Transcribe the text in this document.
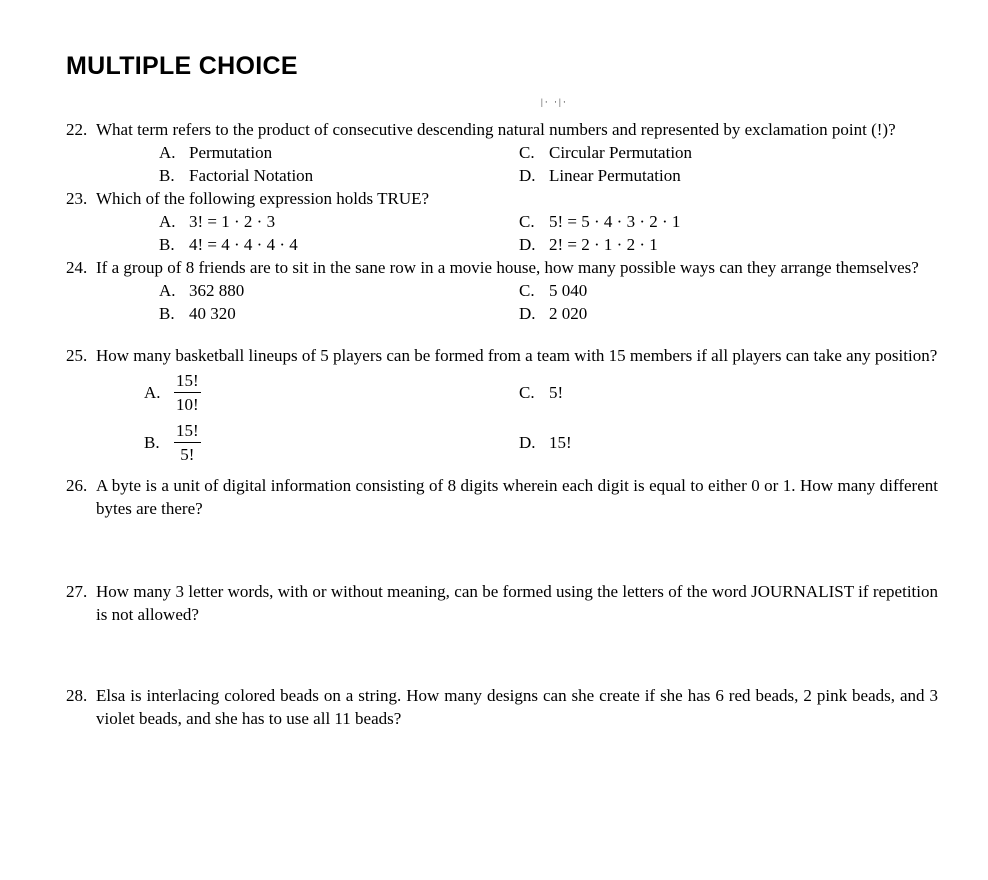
|· ·|·
MULTIPLE CHOICE
22. What term refers to the product of consecutive descending natural numbers and represented by exclamation point (!)?
A. Permutation
B. Factorial Notation
C. Circular Permutation
D. Linear Permutation
23. Which of the following expression holds TRUE?
A. 3! = 1 · 2 · 3
B. 4! = 4 · 4 · 4 · 4
C. 5! = 5 · 4 · 3 · 2 · 1
D. 2! = 2 · 1 · 2 · 1
24. If a group of 8 friends are to sit in the sane row in a movie house, how many possible ways can they arrange themselves?
A. 362 880
B. 40 320
C. 5 040
D. 2 020
25. How many basketball lineups of 5 players can be formed from a team with 15 members if all players can take any position?
A. $\frac{15!}{10!}$
B. $\frac{15!}{5!}$
C. 5!
D. 15!
26. A byte is a unit of digital information consisting of 8 digits wherein each digit is equal to either 0 or 1. How many different bytes are there?
27. How many 3 letter words, with or without meaning, can be formed using the letters of the word JOURNALIST if repetition is not allowed?
28. Elsa is interlacing colored beads on a string. How many designs can she create if she has 6 red beads, 2 pink beads, and 3 violet beads, and she has to use all 11 beads?
